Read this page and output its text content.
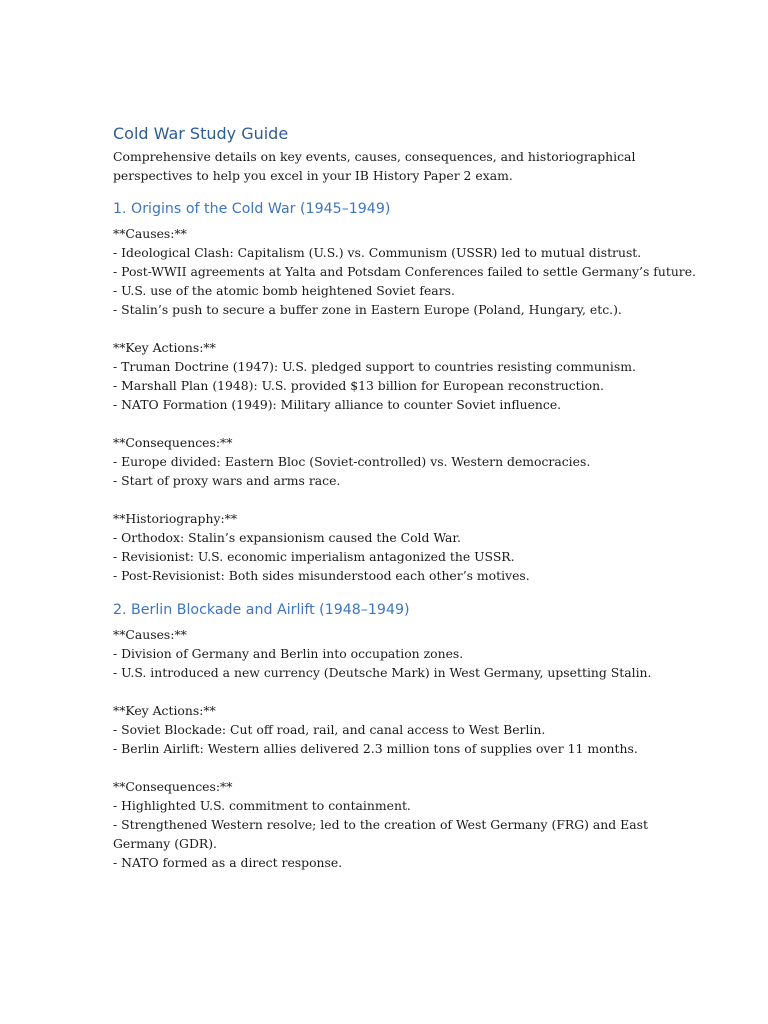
Cold War Study Guide

Comprehensive details on key events, causes, consequences, and historiographical perspectives to help you excel in your IB History Paper 2 exam.

1. Origins of the Cold War (1945–1949)
**Causes:**
- Ideological Clash: Capitalism (U.S.) vs. Communism (USSR) led to mutual distrust.
- Post-WWII agreements at Yalta and Potsdam Conferences failed to settle Germany’s future.
- U.S. use of the atomic bomb heightened Soviet fears.
- Stalin’s push to secure a buffer zone in Eastern Europe (Poland, Hungary, etc.).
**Key Actions:**
- Truman Doctrine (1947): U.S. pledged support to countries resisting communism.
- Marshall Plan (1948): U.S. provided $13 billion for European reconstruction.
- NATO Formation (1949): Military alliance to counter Soviet influence.
**Consequences:**
- Europe divided: Eastern Bloc (Soviet-controlled) vs. Western democracies.
- Start of proxy wars and arms race.
**Historiography:**
- Orthodox: Stalin’s expansionism caused the Cold War.
- Revisionist: U.S. economic imperialism antagonized the USSR.
- Post-Revisionist: Both sides misunderstood each other’s motives.
2. Berlin Blockade and Airlift (1948–1949)
**Causes:**
- Division of Germany and Berlin into occupation zones.
- U.S. introduced a new currency (Deutsche Mark) in West Germany, upsetting Stalin.
**Key Actions:**
- Soviet Blockade: Cut off road, rail, and canal access to West Berlin.
- Berlin Airlift: Western allies delivered 2.3 million tons of supplies over 11 months.
**Consequences:**
- Highlighted U.S. commitment to containment.
- Strengthened Western resolve; led to the creation of West Germany (FRG) and East Germany (GDR).
- NATO formed as a direct response.
